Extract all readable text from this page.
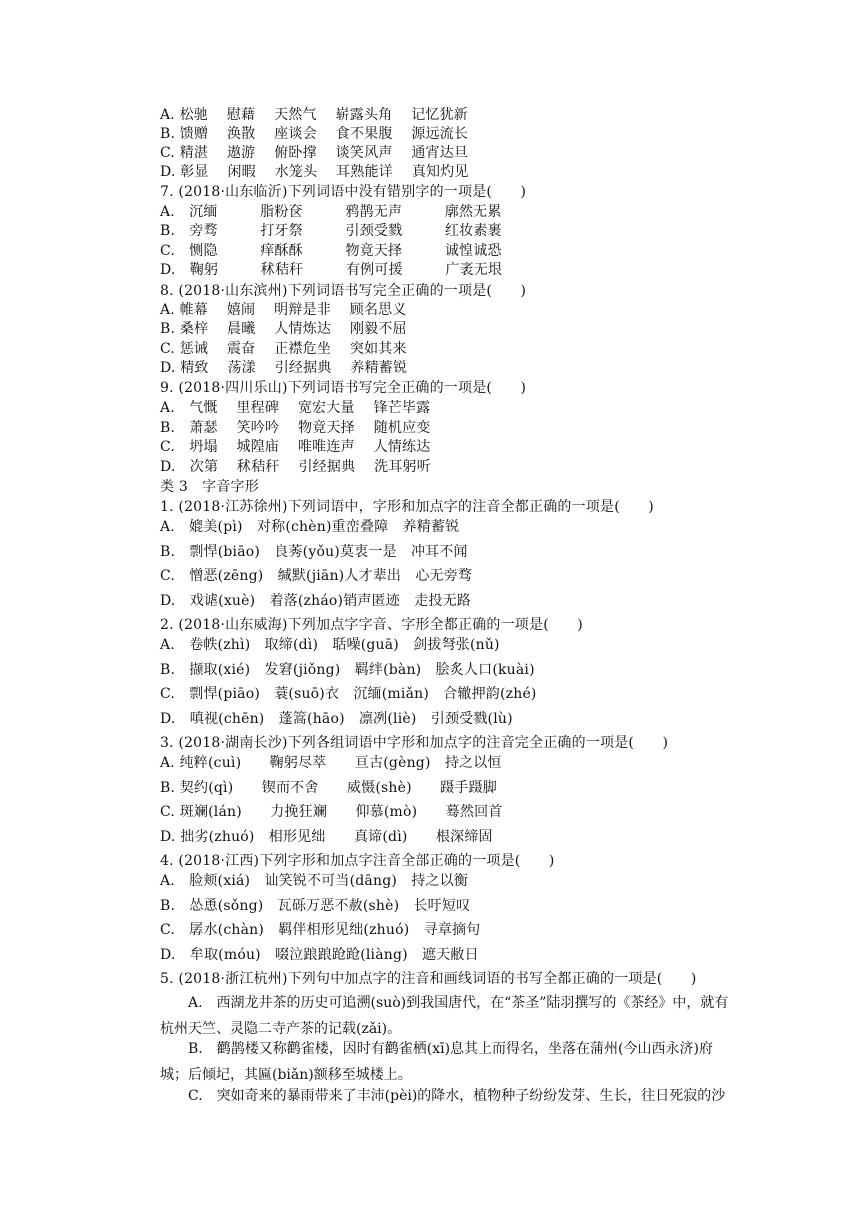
A. 松驰　 慰藉　 天然气　 崭露头角　 记忆犹新
B. 馈赠　 涣散　 座谈会　 食不果腹　 源远流长
C. 精湛　 遨游　 俯卧撑　 谈笑风声　 通宵达旦
D. 彰显　 闲暇　 水笼头　 耳熟能详　 真知灼见
7. (2018·山东临沂)下列词语中没有错别字的一项是(　　)
A.　沉缅　　　脂粉奁　　　鸦鹊无声　　　廓然无累
B.　旁骛　　　打牙祭　　　引颈受戮　　　红妆素裹
C.　恻隐　　　痒酥酥　　　物竟天择　　　诚惶诚恐
D.　鞠躬　　　秫秸秆　　　有例可援　　　广袤无垠
8. (2018·山东滨州)下列词语书写完全正确的一项是(　　)
A. 帷幕　 嬉闹　 明辩是非　 顾名思义
B. 桑梓　 晨曦　 人情炼达　 刚毅不屈
C. 惩诫　 震奋　 正襟危坐　 突如其来
D. 精致　 荡漾　 引经据典　 养精蓄锐
9. (2018·四川乐山)下列词语书写完全正确的一项是(　　)
A.　气慨　 里程碑　 宽宏大量　 锋芒毕露
B.　萧瑟　 笑吟吟　 物竟天择　 随机应变
C.　坍塌　 城隍庙　 唯唯连声　 人情练达
D.　次第　 秫秸秆　 引经据典　 洗耳躬听
类 3　字音字形
1. (2018·江苏徐州)下列词语中，字形和加点字的注音全都正确的一项是(　　)
A.　媲美(pì)　对称(chèn)重峦叠障　养精蓄锐
B.　剽悍(biāo)　良莠(yǒu)莫衷一是　冲耳不闻
C.　憎恶(zēng)　缄默(jiān)人才辈出　心无旁骛
D.　戏谑(xuè)　着落(zháo)销声匿迹　走投无路
2. (2018·山东威海)下列加点字字音、字形全都正确的一项是(　　)
A.　卷帙(zhì)　取缔(dì)　聒噪(guā)　剑拔弩张(nǔ)
B.　撷取(xié)　发窘(jiǒng)　羁绊(bàn)　脍炙人口(kuài)
C.　剽悍(piāo)　蓑(suō)衣　沉缅(miǎn)　合辙押韵(zhé)
D.　嗔视(chēn)　蓬篙(hāo)　凛冽(liè)　引颈受戮(lù)
3. (2018·湖南长沙)下列各组词语中字形和加点字的注音完全正确的一项是(　　)
A. 纯粹(cuì)　　鞠躬尽萃　　亘古(gèng)　持之以恒
B. 契约(qì)　　锲而不舍　　威慑(shè)　　蹑手蹑脚
C. 斑斓(lán)　　力挽狂斓　　仰慕(mò)　　蓦然回首
D. 拙劣(zhuó)　相形见绌　　真谛(dì)　　根深缔固
4. (2018·江西)下列字形和加点字注音全部正确的一项是(　　)
A.　脸颊(xiá)　讪笑锐不可当(dāng)　持之以衡
B.　怂恿(sǒng)　瓦砾万恶不赦(shè)　长吁短叹
C.　孱水(chàn)　羁伴相形见绌(zhuó)　寻章摘句
D.　牟取(móu)　啜泣踉踉跄跄(liàng)　遮天敝日
5. (2018·浙江杭州)下列句中加点字的注音和画线词语的书写全都正确的一项是(　　)
A.　西湖龙井茶的历史可追溯(suò)到我国唐代，在“茶圣”陆羽撰写的《茶经》中，就有杭州天竺、灵隐二寺产茶的记载(zǎi)。
B.　鹳鹊楼又称鹳雀楼，因时有鹳雀栖(xī)息其上而得名，坐落在蒲州(今山西永济)府城；后倾圮，其匾(biǎn)额移至城楼上。
C.　突如奇来的暴雨带来了丰沛(pèi)的降水，植物种子纷纷发芽、生长，往日死寂的沙
